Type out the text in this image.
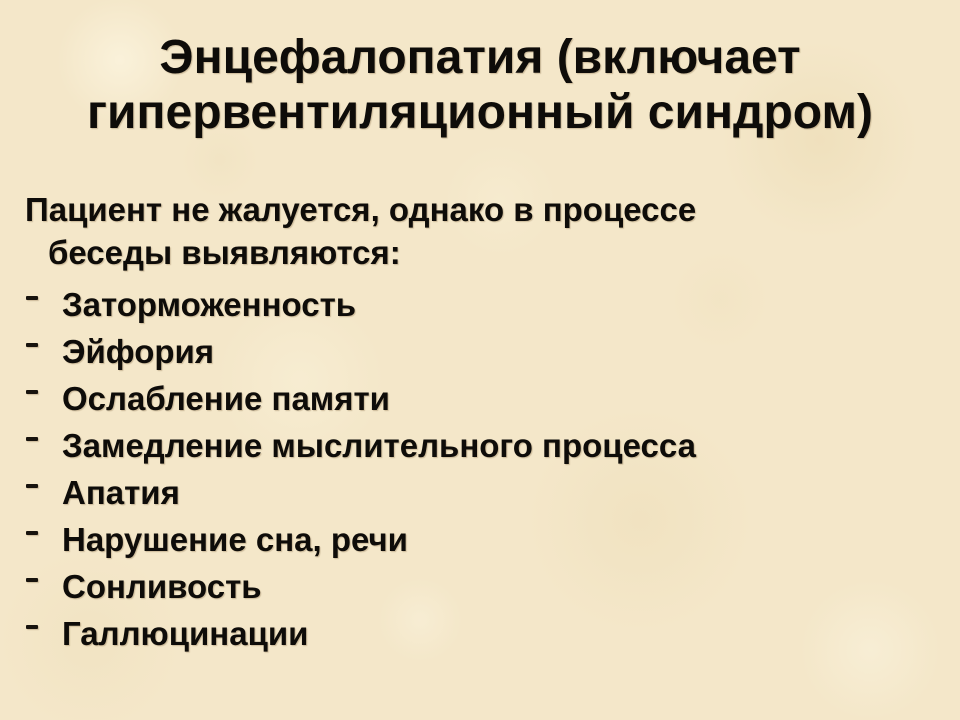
Энцефалопатия (включает
гипервентиляционный синдром)

Пациент не жалуется, однако в процессе
беседы выявляются:

Заторможенность
Эйфория
Ослабление памяти
Замедление мыслительного процесса
Апатия
Нарушение сна, речи
Сонливость
Галлюцинации
